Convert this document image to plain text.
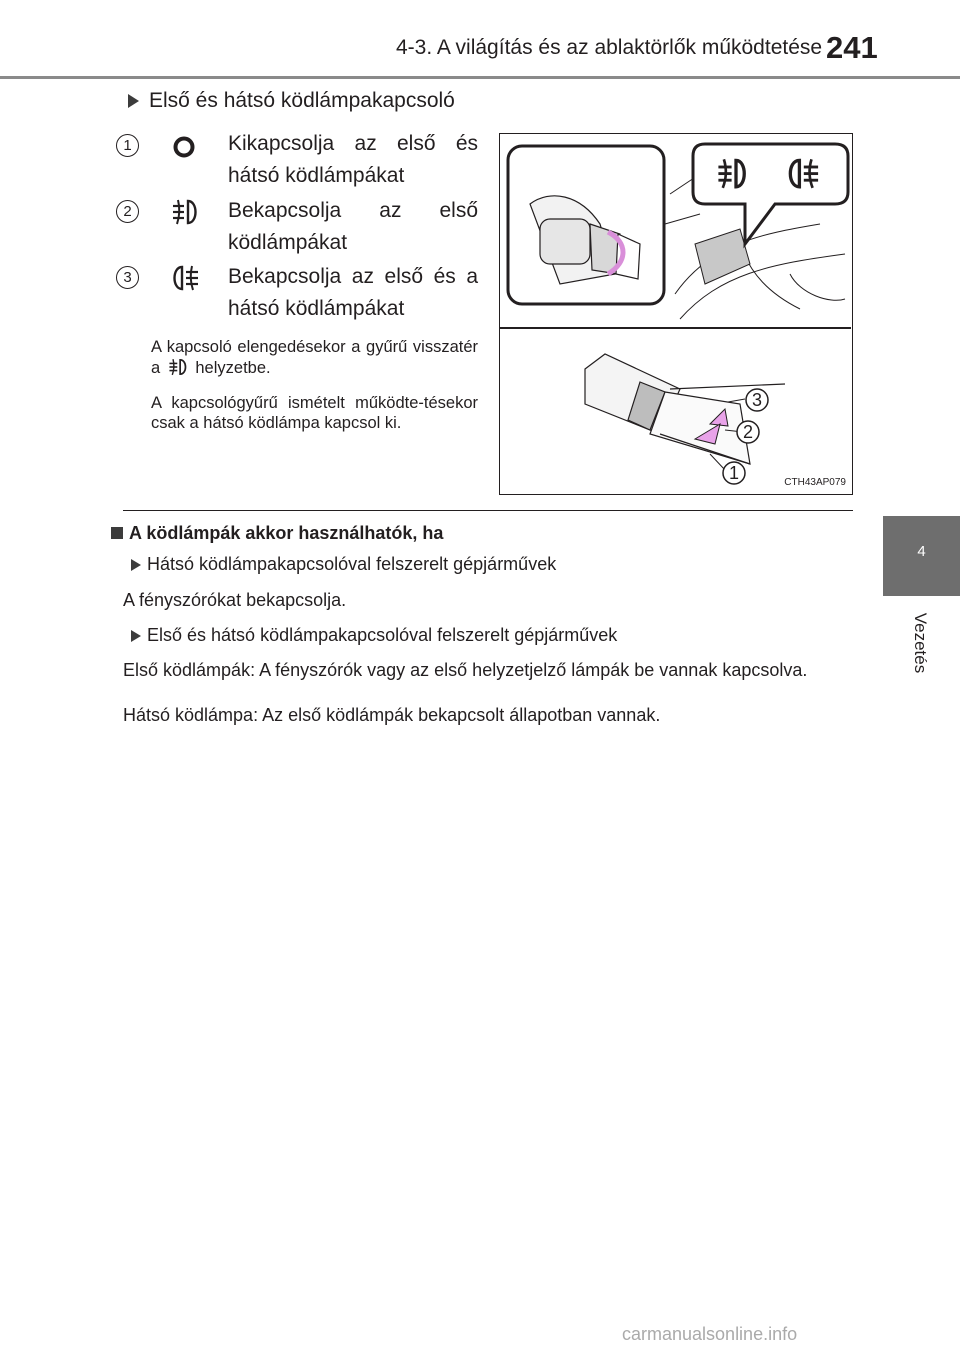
4-3. A világítás és az ablaktörlők működtetése 241
4
Vezetés
Első és hátsó ködlámpakapcsoló
1	Kikapcsolja az első és hátsó ködlámpákat
2	Bekapcsolja az első ködlámpákat
3	Bekapcsolja az első és a hátsó ködlámpákat
A kapcsoló elengedésekor a gyűrű visszatér a helyzetbe.
A kapcsológyűrű ismételt működte-tésekor csak a hátsó ködlámpa kapcsol ki.
3
2
1	CTH43AP079
A ködlámpák akkor használhatók, ha
Hátsó ködlámpakapcsolóval felszerelt gépjárművek
A fényszórókat bekapcsolja.
Első és hátsó ködlámpakapcsolóval felszerelt gépjárművek
Első ködlámpák: A fényszórók vagy az első helyzetjelző lámpák be vannak kapcsolva.
Hátsó ködlámpa: Az első ködlámpák bekapcsolt állapotban vannak.
carmanualsonline.info
